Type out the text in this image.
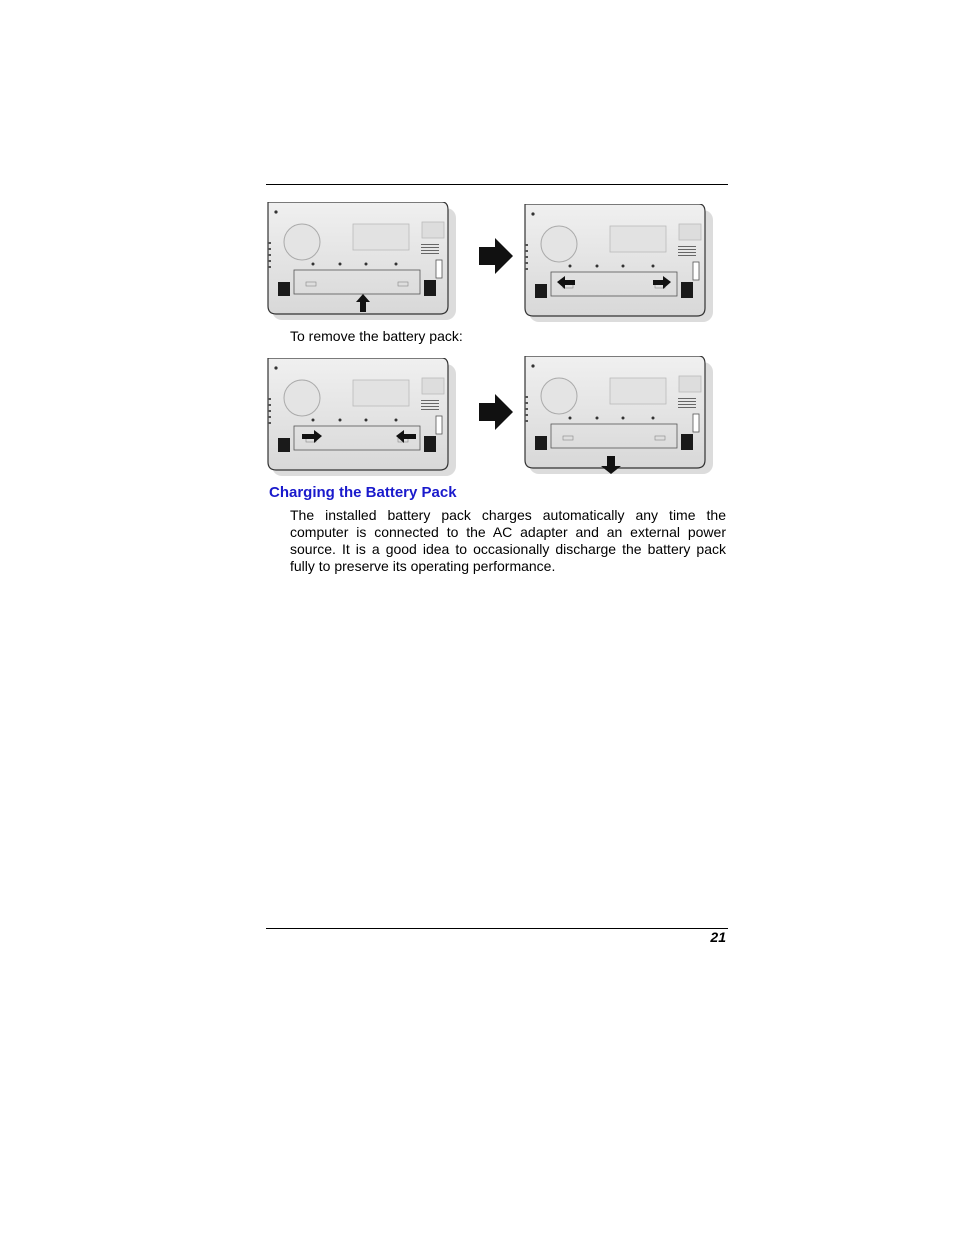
To remove the battery pack:
Charging the Battery Pack
The installed battery pack charges automatically any time the computer is connected to the AC adapter and an external power source. It is a good idea to occasionally discharge the battery pack fully to preserve its operating performance.
21
